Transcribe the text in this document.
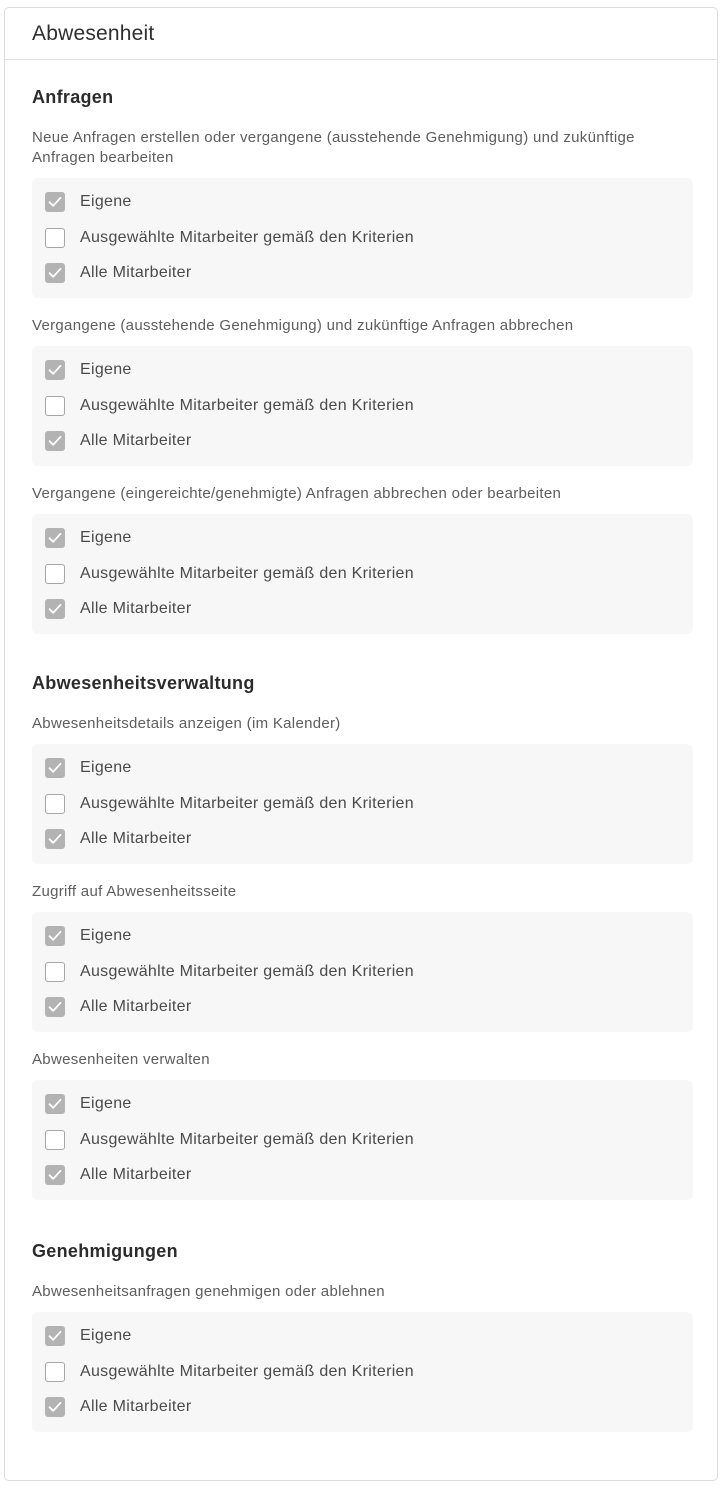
Abwesenheit
Anfragen

Neue Anfragen erstellen oder vergangene (ausstehende Genehmigung) und zukünftige Anfragen bearbeiten

Eigene
Ausgewählte Mitarbeiter gemäß den Kriterien
Alle Mitarbeiter

Vergangene (ausstehende Genehmigung) und zukünftige Anfragen abbrechen

Eigene
Ausgewählte Mitarbeiter gemäß den Kriterien
Alle Mitarbeiter

Vergangene (eingereichte/genehmigte) Anfragen abbrechen oder bearbeiten

Eigene
Ausgewählte Mitarbeiter gemäß den Kriterien
Alle Mitarbeiter
Abwesenheitsverwaltung

Abwesenheitsdetails anzeigen (im Kalender)

Eigene
Ausgewählte Mitarbeiter gemäß den Kriterien
Alle Mitarbeiter

Zugriff auf Abwesenheitsseite

Eigene
Ausgewählte Mitarbeiter gemäß den Kriterien
Alle Mitarbeiter

Abwesenheiten verwalten

Eigene
Ausgewählte Mitarbeiter gemäß den Kriterien
Alle Mitarbeiter
Genehmigungen

Abwesenheitsanfragen genehmigen oder ablehnen

Eigene
Ausgewählte Mitarbeiter gemäß den Kriterien
Alle Mitarbeiter
